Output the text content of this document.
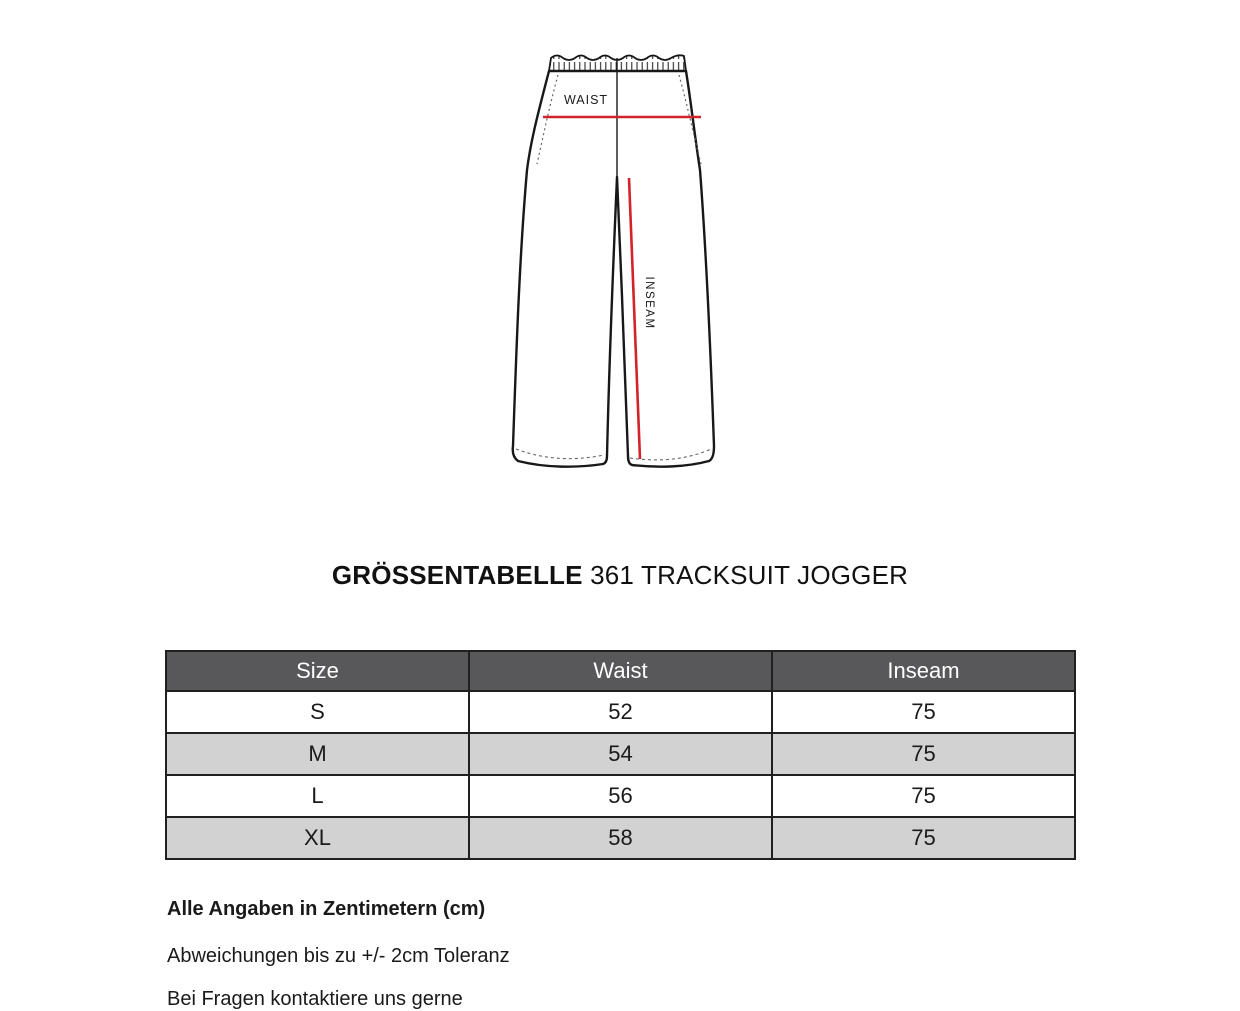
WAIST
INSEAM
GRÖSSENTABELLE 361 TRACKSUIT JOGGER
Size	Waist	Inseam
S	52	75
M	54	75
L	56	75
XL	58	75
Alle Angaben in Zentimetern (cm)
Abweichungen bis zu +/- 2cm Toleranz
Bei Fragen kontaktiere uns gerne
